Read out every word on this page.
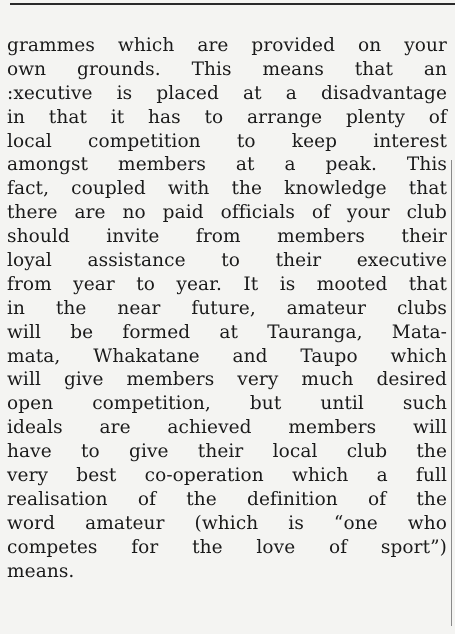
grammes which are provided on your
own grounds. This means that an
:xecutive is placed at a disadvantage
in that it has to arrange plenty of
local competition to keep interest
amongst members at a peak. This
fact, coupled with the knowledge that
there are no paid officials of your club
should invite from members their
loyal assistance to their executive
from year to year. It is mooted that
in the near future, amateur clubs
will be formed at Tauranga, Mata-
mata, Whakatane and Taupo which
will give members very much desired
open competition, but until such
ideals are achieved members will
have to give their local club the
very best co-operation which a full
realisation of the definition of the
word amateur (which is “one who
competes for the love of sport”)
means.
